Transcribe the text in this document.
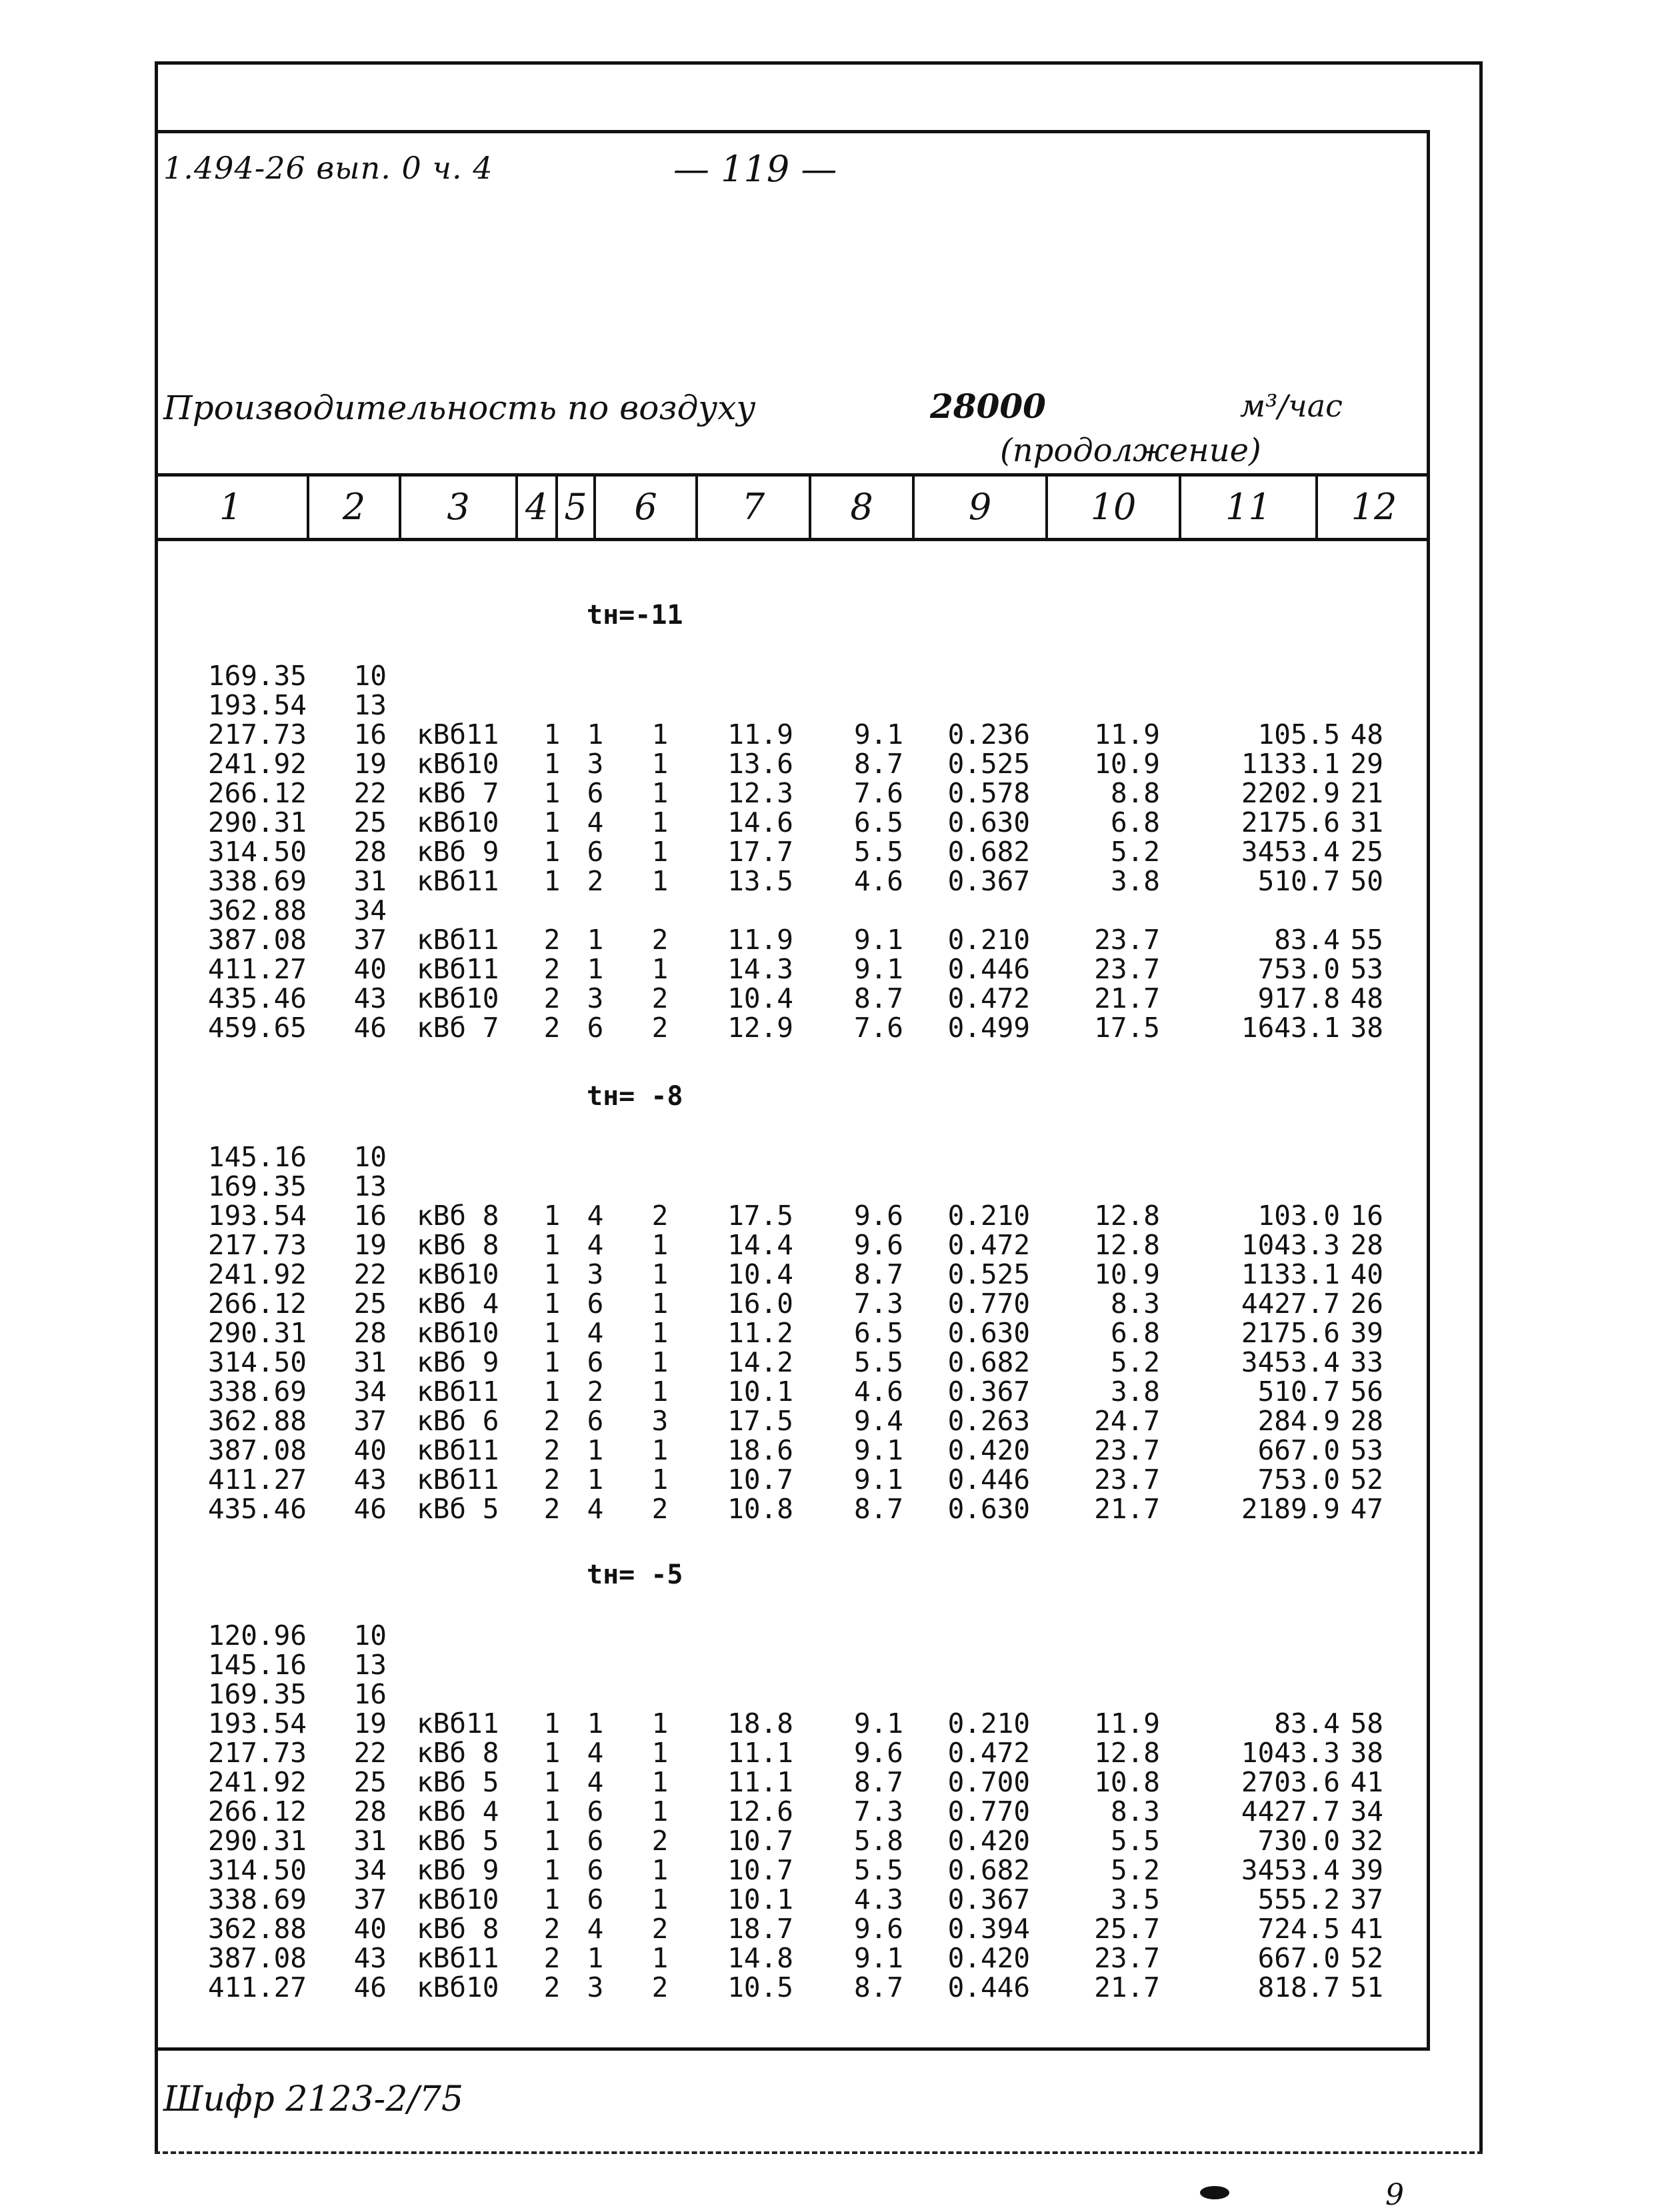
1.494-26 вып. 0 ч. 4	— 119 —
Производительность по воздуху	28000	м³/час
(продолжение)
1	2	3	4 5	6	7	8	9	10	11	12
tн=-11
169.35	10
193.54	13
217.73	16 кВб11	1 1 1	11.9	9.1	0.236	11.9	105.5 48
241.92	19 кВб10	1 3 1	13.6	8.7	0.525	10.9	1133.1 29
266.12	22 кВб 7	1 6 1	12.3	7.6	0.578	8.8	2202.9 21
290.31	25 кВб10	1 4 1	14.6	6.5	0.630	6.8	2175.6 31
314.50	28 кВб 9	1 6 1	17.7	5.5	0.682	5.2	3453.4 25
338.69	31 кВб11	1 2 1	13.5	4.6	0.367	3.8	510.7 50
362.88	34
387.08	37 кВб11	2 1 2	11.9	9.1	0.210	23.7	83.4 55
411.27	40 кВб11	2 1 1	14.3	9.1	0.446	23.7	753.0 53
435.46	43 кВб10	2 3 2	10.4	8.7	0.472	21.7	917.8 48
459.65	46 кВб 7	2 6 2	12.9	7.6	0.499	17.5	1643.1 38
tн= -8
145.16	10
169.35	13
193.54	16 кВб 8	1 4 2	17.5	9.6	0.210	12.8	103.0 16
217.73	19 кВб 8	1 4 1	14.4	9.6	0.472	12.8	1043.3 28
241.92	22 кВб10	1 3 1	10.4	8.7	0.525	10.9	1133.1 40
266.12	25 кВб 4	1 6 1	16.0	7.3	0.770	8.3	4427.7 26
290.31	28 кВб10	1 4 1	11.2	6.5	0.630	6.8	2175.6 39
314.50	31 кВб 9	1 6 1	14.2	5.5	0.682	5.2	3453.4 33
338.69	34 кВб11	1 2 1	10.1	4.6	0.367	3.8	510.7 56
362.88	37 кВб 6	2 6 3	17.5	9.4	0.263	24.7	284.9 28
387.08	40 кВб11	2 1 1	18.6	9.1	0.420	23.7	667.0 53
411.27	43 кВб11	2 1 1	10.7	9.1	0.446	23.7	753.0 52
435.46	46 кВб 5	2 4 2	10.8	8.7	0.630	21.7	2189.9 47
tн= -5
120.96	10
145.16	13
169.35	16
193.54	19 кВб11	1 1 1	18.8	9.1	0.210	11.9	83.4 58
217.73	22 кВб 8	1 4 1	11.1	9.6	0.472	12.8	1043.3 38
241.92	25 кВб 5	1 4 1	11.1	8.7	0.700	10.8	2703.6 41
266.12	28 кВб 4	1 6 1	12.6	7.3	0.770	8.3	4427.7 34
290.31	31 кВб 5	1 6 2	10.7	5.8	0.420	5.5	730.0 32
314.50	34 кВб 9	1 6 1	10.7	5.5	0.682	5.2	3453.4 39
338.69	37 кВб10	1 6 1	10.1	4.3	0.367	3.5	555.2 37
362.88	40 кВб 8	2 4 2	18.7	9.6	0.394	25.7	724.5 41
387.08	43 кВб11	2 1 1	14.8	9.1	0.420	23.7	667.0 52
411.27	46 кВб10	2 3 2	10.5	8.7	0.446	21.7	818.7 51
Шифр 2123-2/75
9
